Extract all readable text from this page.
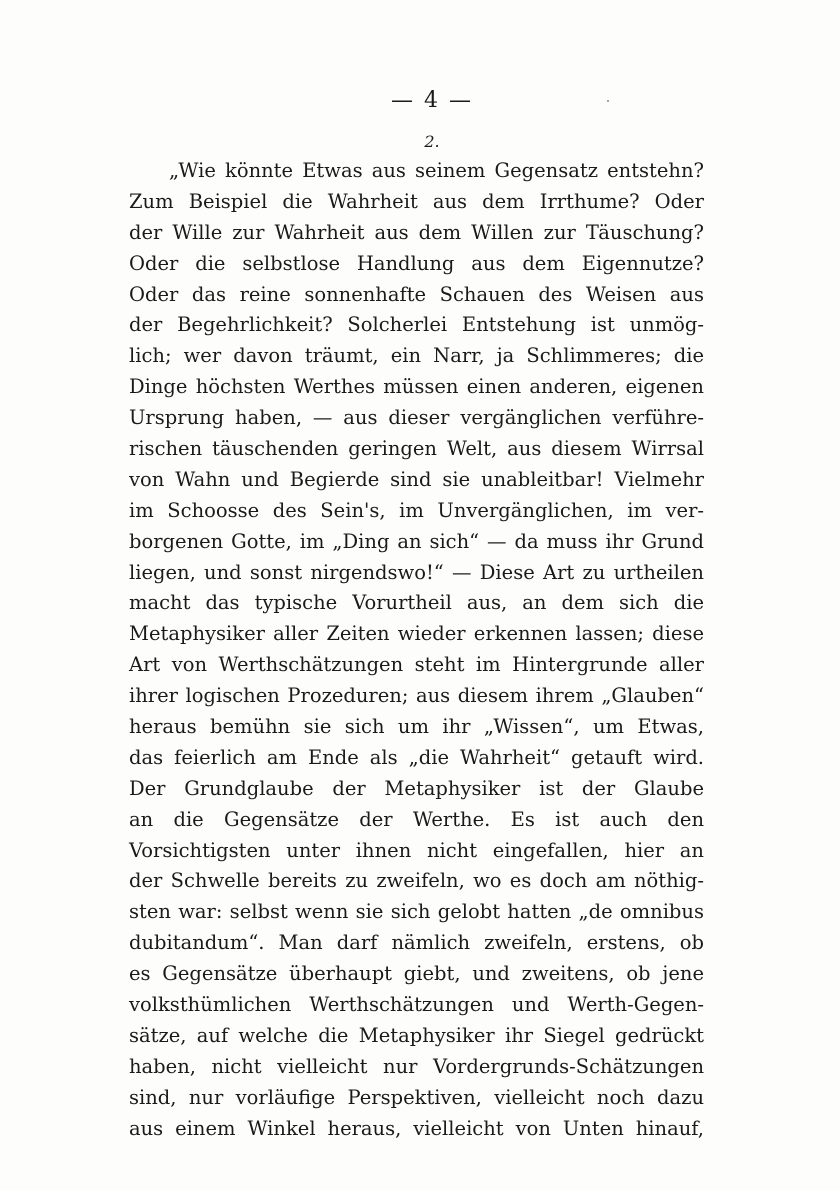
— 4 —
2.
„Wie könnte Etwas aus seinem Gegensatz entstehn?
Zum Beispiel die Wahrheit aus dem Irrthume? Oder
der Wille zur Wahrheit aus dem Willen zur Täuschung?
Oder die selbstlose Handlung aus dem Eigennutze?
Oder das reine sonnenhafte Schauen des Weisen aus
der Begehrlichkeit? Solcherlei Entstehung ist unmög-
lich; wer davon träumt, ein Narr, ja Schlimmeres; die
Dinge höchsten Werthes müssen einen anderen, eigenen
Ursprung haben, — aus dieser vergänglichen verführe-
rischen täuschenden geringen Welt, aus diesem Wirrsal
von Wahn und Begierde sind sie unableitbar! Vielmehr
im Schoosse des Sein's, im Unvergänglichen, im ver-
borgenen Gotte, im „Ding an sich“ — da muss ihr Grund
liegen, und sonst nirgendswo!“ — Diese Art zu urtheilen
macht das typische Vorurtheil aus, an dem sich die
Metaphysiker aller Zeiten wieder erkennen lassen; diese
Art von Werthschätzungen steht im Hintergrunde aller
ihrer logischen Prozeduren; aus diesem ihrem „Glauben“
heraus bemühn sie sich um ihr „Wissen“, um Etwas,
das feierlich am Ende als „die Wahrheit“ getauft wird.
Der Grundglaube der Metaphysiker ist der Glaube
an die Gegensätze der Werthe. Es ist auch den
Vorsichtigsten unter ihnen nicht eingefallen, hier an
der Schwelle bereits zu zweifeln, wo es doch am nöthig-
sten war: selbst wenn sie sich gelobt hatten „de omnibus
dubitandum“. Man darf nämlich zweifeln, erstens, ob
es Gegensätze überhaupt giebt, und zweitens, ob jene
volksthümlichen Werthschätzungen und Werth-Gegen-
sätze, auf welche die Metaphysiker ihr Siegel gedrückt
haben, nicht vielleicht nur Vordergrunds-Schätzungen
sind, nur vorläufige Perspektiven, vielleicht noch dazu
aus einem Winkel heraus, vielleicht von Unten hinauf,
